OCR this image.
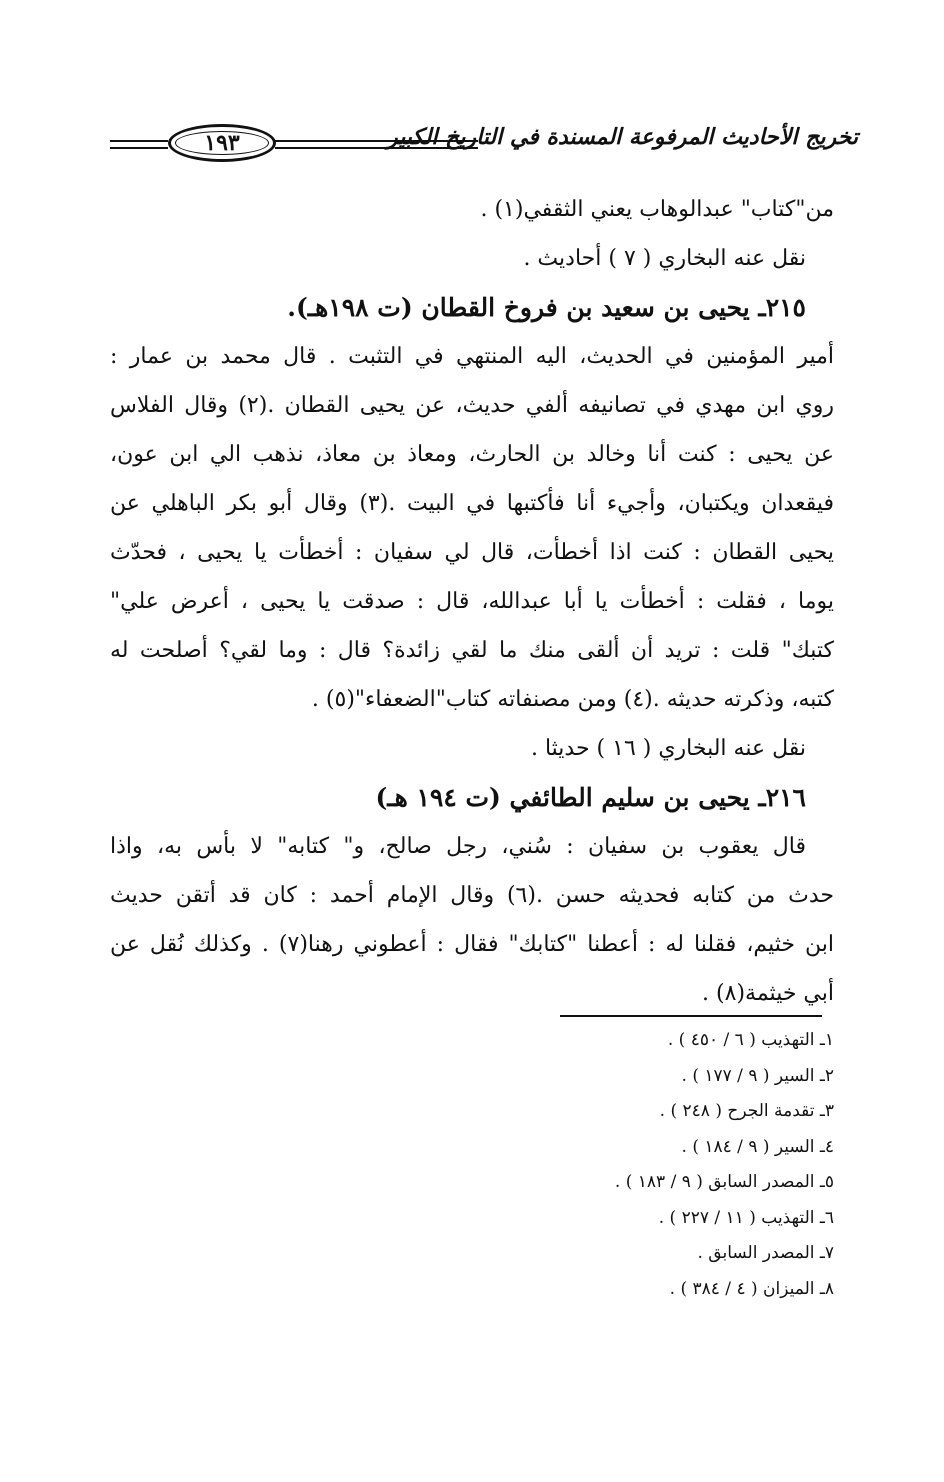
تخريج الأحاديث المرفوعة المسندة في التاريخ الكبير
١٩٣
من"كتاب" عبدالوهاب يعني الثقفي(١) .
نقل عنه البخاري ( ٧ ) أحاديث .
٢١٥ـ يحيى بن سعيد بن فروخ القطان (ت ١٩٨هـ).
أمير المؤمنين في الحديث، اليه المنتهي في التثبت . قال محمد بن عمار :
روي ابن مهدي في تصانيفه ألفي حديث، عن يحيى القطان .(٢) وقال الفلاس
عن يحيى : كنت أنا وخالد بن الحارث، ومعاذ بن معاذ، نذهب الي ابن عون،
فيقعدان ويكتبان، وأجيء أنا فأكتبها في البيت .(٣) وقال أبو بكر الباهلي عن
يحيى القطان : كنت اذا أخطأت، قال لي سفيان : أخطأت يا يحيى ، فحدّث
يوما ، فقلت : أخطأت يا أبا عبدالله، قال : صدقت يا يحيى ، أعرض علي"
كتبك" قلت : تريد أن ألقى منك ما لقي زائدة؟ قال : وما لقي؟ أصلحت له
كتبه، وذكرته حديثه .(٤) ومن مصنفاته كتاب"الضعفاء"(٥) .
نقل عنه البخاري ( ١٦ ) حديثا .
٢١٦ـ يحيى بن سليم الطائفي (ت ١٩٤ هـ)
قال يعقوب بن سفيان : سُني، رجل صالح، و" كتابه" لا بأس به، واذا
حدث من كتابه فحديثه حسن .(٦) وقال الإمام أحمد : كان قد أتقن حديث
ابن خثيم، فقلنا له : أعطنا "كتابك" فقال : أعطوني رهنا(٧) . وكذلك نُقل عن
أبي خيثمة(٨) .
١ـ التهذيب ( ٦ / ٤٥٠ ) .
٢ـ السير ( ٩ / ١٧٧ ) .
٣ـ تقدمة الجرح ( ٢٤٨ ) .
٤ـ السير ( ٩ / ١٨٤ ) .
٥ـ المصدر السابق ( ٩ / ١٨٣ ) .
٦ـ التهذيب ( ١١ / ٢٢٧ ) .
٧ـ المصدر السابق .
٨ـ الميزان ( ٤ / ٣٨٤ ) .
